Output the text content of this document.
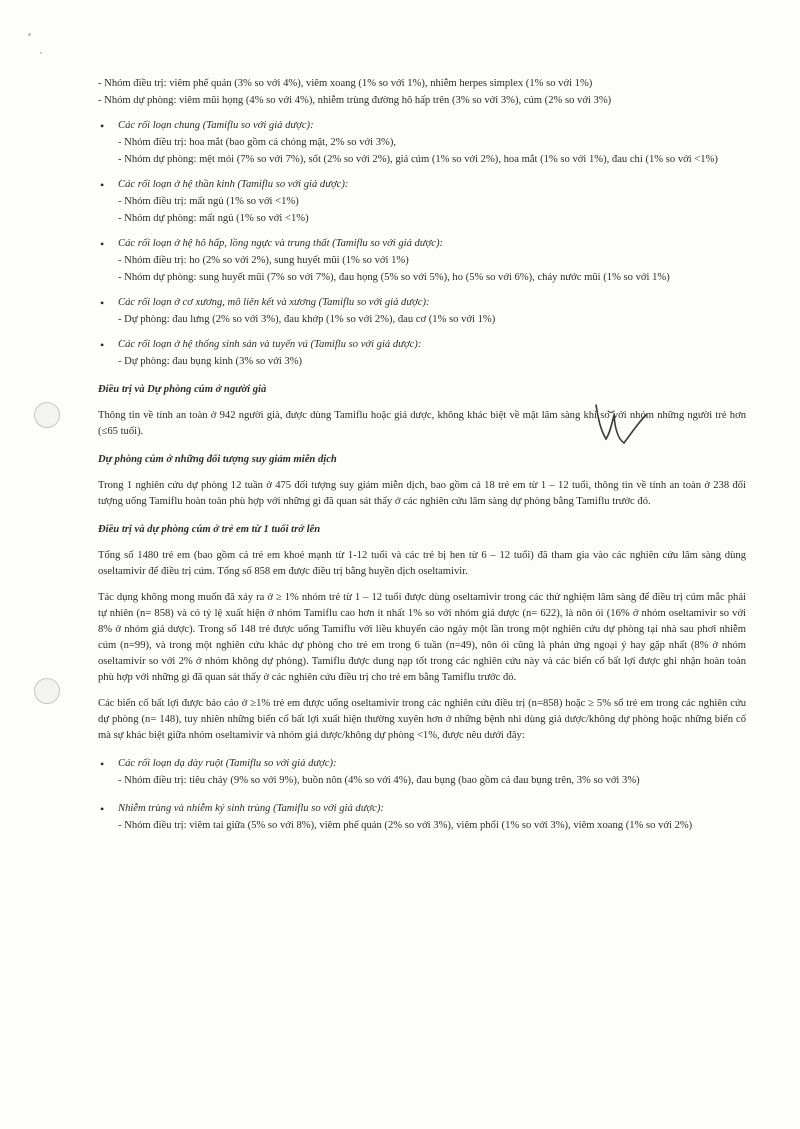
- Nhóm điều trị: viêm phế quản (3% so với 4%), viêm xoang (1% so với 1%), nhiễm herpes simplex (1% so với 1%)
- Nhóm dự phòng: viêm mũi họng (4% so với 4%), nhiễm trùng đường hô hấp trên (3% so với 3%), cúm (2% so với 3%)
• Các rối loạn chung (Tamiflu so với giả dược):
- Nhóm điều trị: hoa mắt (bao gồm cả chóng mặt, 2% so với 3%),
- Nhóm dự phòng: mệt mỏi (7% so với 7%), sốt (2% so với 2%), giả cúm (1% so với 2%), hoa mắt (1% so với 1%), đau chi (1% so với <1%)
• Các rối loạn ở hệ thần kinh (Tamiflu so với giả dược):
- Nhóm điều trị: mất ngủ (1% so với <1%)
- Nhóm dự phòng: mất ngủ (1% so với <1%)
• Các rối loạn ở hệ hô hấp, lồng ngực và trung thất (Tamiflu so với giả dược):
- Nhóm điều trị: ho (2% so với 2%), sung huyết mũi (1% so với 1%)
- Nhóm dự phòng: sung huyết mũi (7% so với 7%), đau họng (5% so với 5%), ho (5% so với 6%), chảy nước mũi (1% so với 1%)
• Các rối loạn ở cơ xương, mô liên kết và xương (Tamiflu so với giả dược):
- Dự phòng: đau lưng (2% so với 3%), đau khớp (1% so với 2%), đau cơ (1% so với 1%)
• Các rối loạn ở hệ thống sinh sản và tuyến vú (Tamiflu so với giả dược):
- Dự phòng: đau bụng kinh (3% so với 3%)
Điều trị và Dự phòng cúm ở người già

Thông tin về tính an toàn ở 942 người già, được dùng Tamiflu hoặc giả dược, không khác biệt về mặt lâm sàng khi so với nhóm những người trẻ hơn (≤65 tuổi).

Dự phòng cúm ở những đối tượng suy giảm miễn dịch

Trong 1 nghiên cứu dự phòng 12 tuần ở 475 đối tượng suy giảm miễn dịch, bao gồm cả 18 trẻ em từ 1 – 12 tuổi, thông tin về tính an toàn ở 238 đối tượng uống Tamiflu hoàn toàn phù hợp với những gì đã quan sát thấy ở các nghiên cứu lâm sàng dự phòng bằng Tamiflu trước đó.

Điều trị và dự phòng cúm ở trẻ em từ 1 tuổi trở lên

Tổng số 1480 trẻ em (bao gồm cả trẻ em khoẻ mạnh từ 1-12 tuổi và các trẻ bị hen từ 6 – 12 tuổi) đã tham gia vào các nghiên cứu lâm sàng dùng oseltamivir để điều trị cúm. Tổng số 858 em được điều trị bằng huyền dịch oseltamivir.

Tác dụng không mong muốn đã xảy ra ở ≥ 1% nhóm trẻ từ 1 – 12 tuổi được dùng oseltamivir trong các thử nghiệm lâm sàng để điều trị cúm mắc phải tự nhiên (n= 858) và có tỷ lệ xuất hiện ở nhóm Tamiflu cao hơn ít nhất 1% so với nhóm giả dược (n= 622), là nôn ói (16% ở nhóm oseltamivir so với 8% ở nhóm giả dược). Trong số 148 trẻ được uống Tamiflu với liều khuyến cáo ngày một lần trong một nghiên cứu dự phòng tại nhà sau phơi nhiễm cúm (n=99), và trong một nghiên cứu khác dự phòng cho trẻ em trong 6 tuần (n=49), nôn ói cũng là phản ứng ngoại ý hay gặp nhất (8% ở nhóm oseltamivir so với 2% ở nhóm không dự phòng). Tamiflu được dung nạp tốt trong các nghiên cứu này và các biến cố bất lợi được ghi nhận hoàn toàn phù hợp với những gì đã quan sát thấy ở các nghiên cứu điều trị cho trẻ em bằng Tamiflu trước đó.

Các biến cố bất lợi được báo cáo ở ≥1% trẻ em được uống oseltamivir trong các nghiên cứu điều trị (n=858) hoặc ≥ 5% số trẻ em trong các nghiên cứu dự phòng (n= 148), tuy nhiên những biến cố bất lợi xuất hiện thường xuyên hơn ở những bệnh nhi dùng giả dược/không dự phòng hoặc những biến cố mà sự khác biệt giữa nhóm oseltamivir và nhóm giả dược/không dự phòng <1%, được nêu dưới đây:

• Các rối loạn dạ dày ruột (Tamiflu so với giả dược):
- Nhóm điều trị: tiêu chảy (9% so với 9%), buồn nôn (4% so với 4%), đau bụng (bao gồm cả đau bụng trên, 3% so với 3%)
• Nhiễm trùng và nhiễm ký sinh trùng (Tamiflu so với giả dược):
- Nhóm điều trị: viêm tai giữa (5% so với 8%), viêm phế quản (2% so với 3%), viêm phổi (1% so với 3%), viêm xoang (1% so với 2%)
